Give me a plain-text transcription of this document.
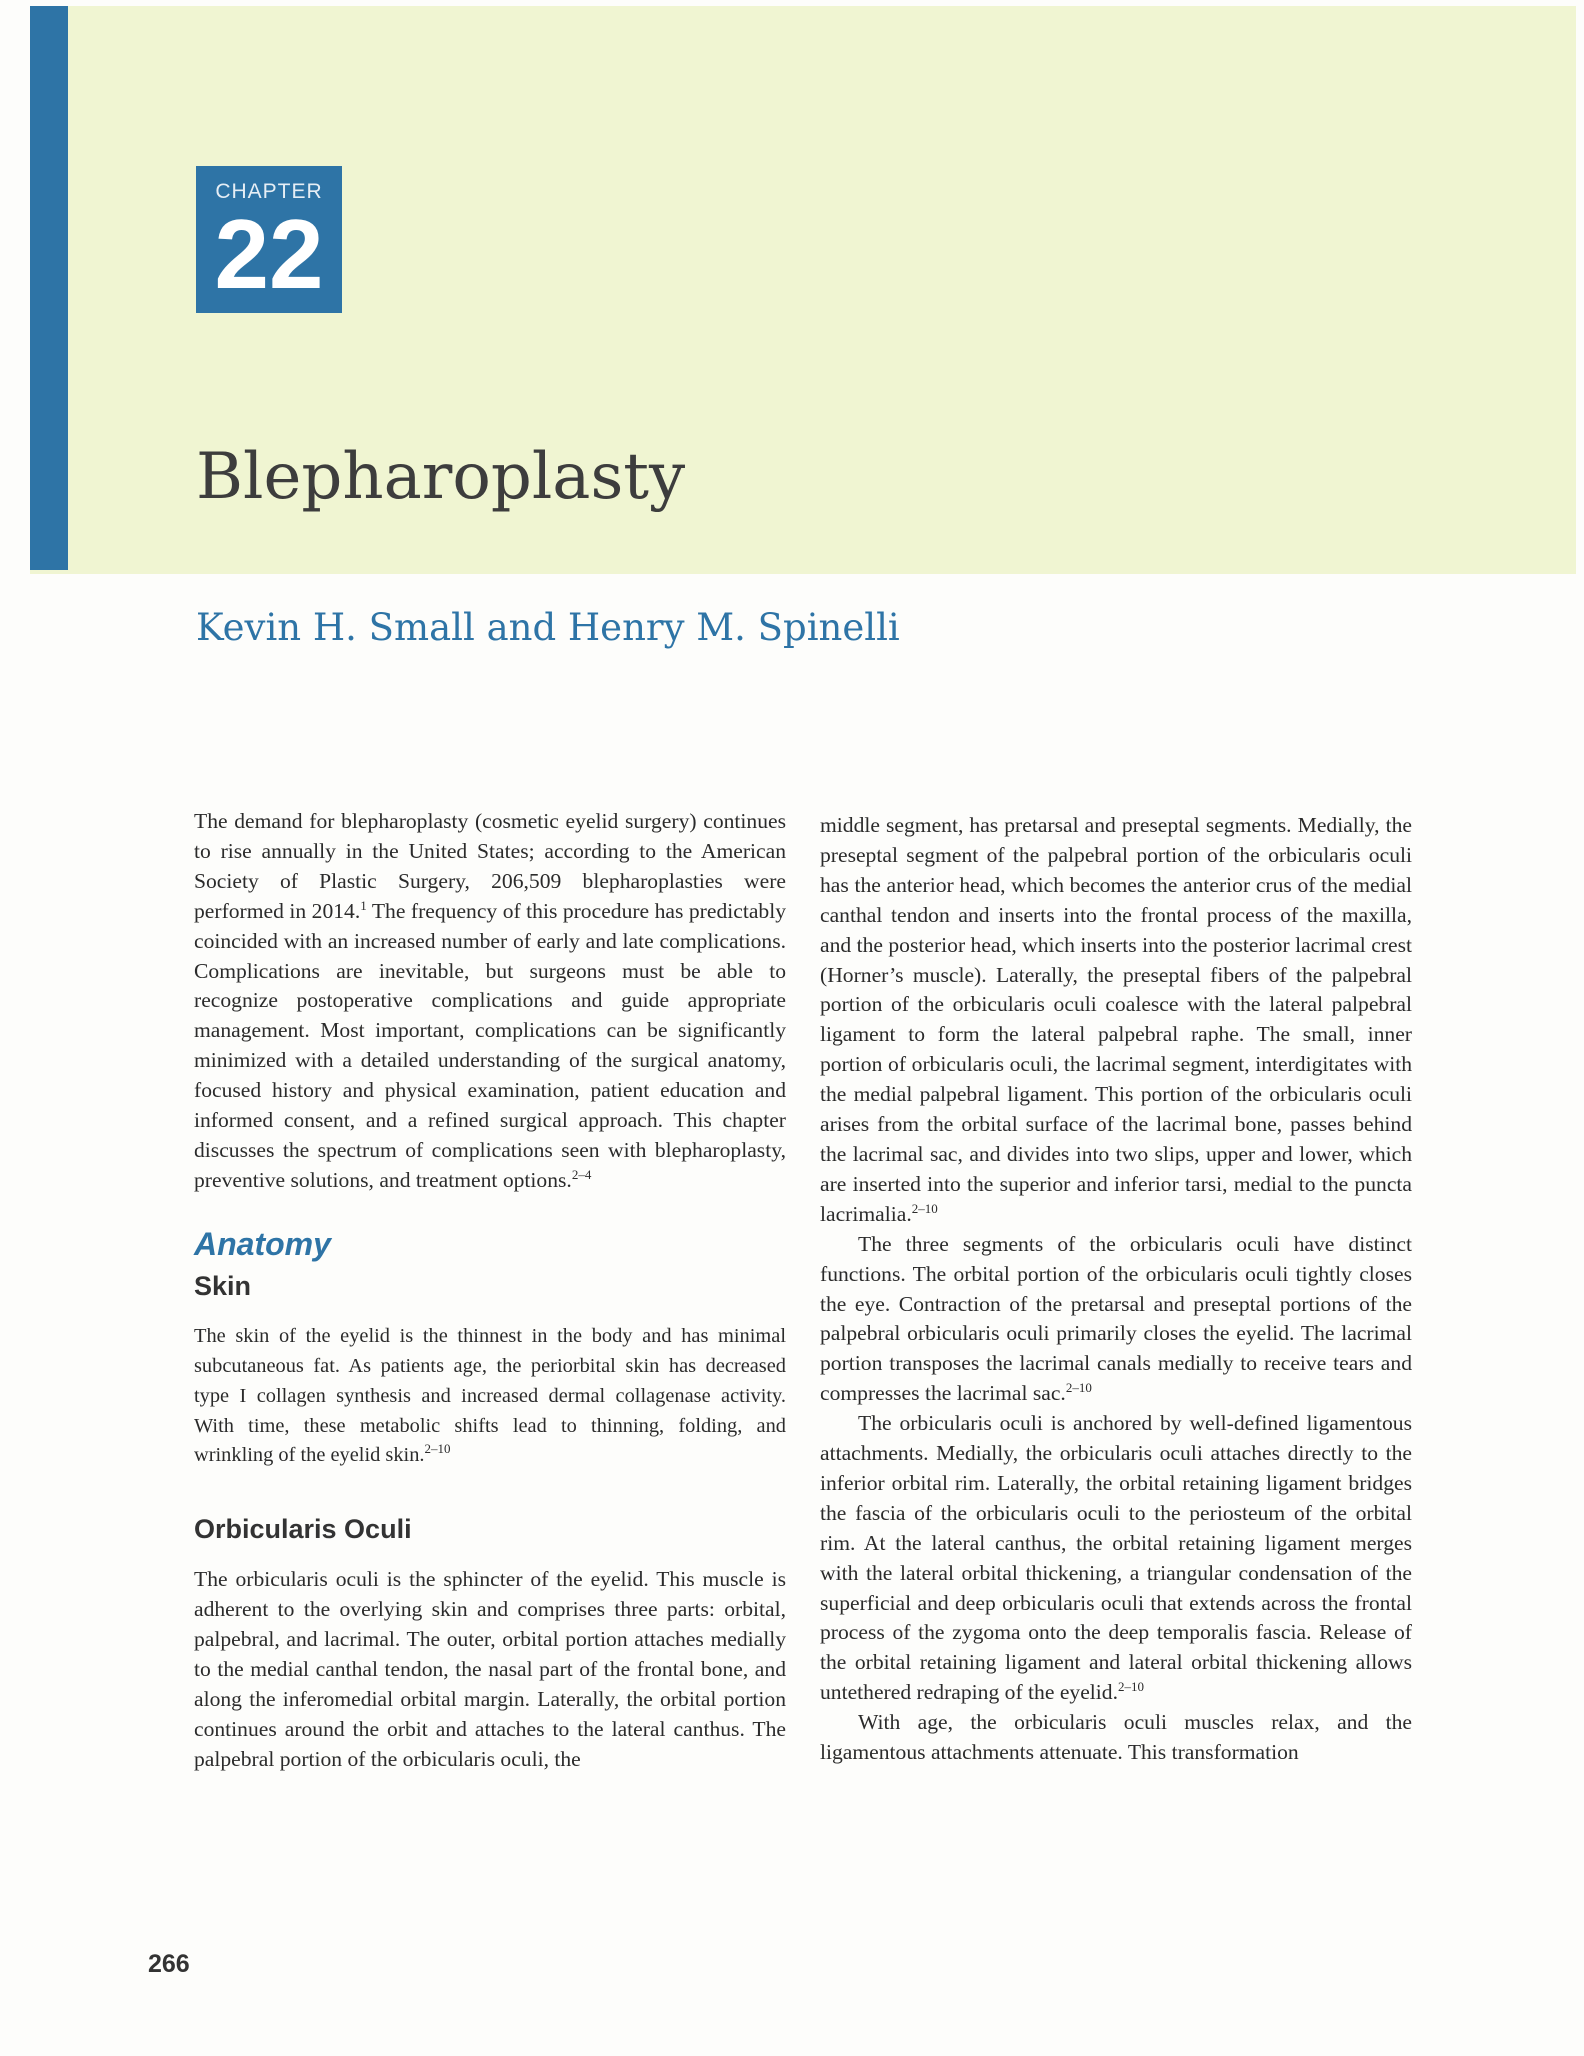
CHAPTER
22
Blepharoplasty
Kevin H. Small and Henry M. Spinelli

The demand for blepharoplasty (cosmetic eyelid surgery) continues to rise annually in the United States; according to the American Society of Plastic Surgery, 206,509 blepharoplasties were performed in 2014.$^1$ The frequency of this procedure has predictably coincided with an increased number of early and late complications. Complications are inevitable, but surgeons must be able to recognize postoperative complications and guide appropriate management. Most important, complications can be significantly minimized with a detailed understanding of the surgical anatomy, focused history and physical examination, patient education and informed consent, and a refined surgical approach. This chapter discusses the spectrum of complications seen with blepharoplasty, preventive solutions, and treatment options.$^{2-4}$

Anatomy
Skin

The skin of the eyelid is the thinnest in the body and has minimal subcutaneous fat. As patients age, the periorbital skin has decreased type I collagen synthesis and increased dermal collagenase activity. With time, these metabolic shifts lead to thinning, folding, and wrinkling of the eyelid skin.$^{2-10}$

Orbicularis Oculi

The orbicularis oculi is the sphincter of the eyelid. This muscle is adherent to the overlying skin and comprises three parts: orbital, palpebral, and lacrimal. The outer, orbital portion attaches medially to the medial canthal tendon, the nasal part of the frontal bone, and along the inferomedial orbital margin. Laterally, the orbital portion continues around the orbit and attaches to the lateral canthus. The palpebral portion of the orbicularis oculi, the

middle segment, has pretarsal and preseptal segments. Medially, the preseptal segment of the palpebral portion of the orbicularis oculi has the anterior head, which becomes the anterior crus of the medial canthal tendon and inserts into the frontal process of the maxilla, and the posterior head, which inserts into the posterior lacrimal crest (Horner’s muscle). Laterally, the preseptal fibers of the palpebral portion of the orbicularis oculi coalesce with the lateral palpebral ligament to form the lateral palpebral raphe. The small, inner portion of orbicularis oculi, the lacrimal segment, interdigitates with the medial palpebral ligament. This portion of the orbicularis oculi arises from the orbital surface of the lacrimal bone, passes behind the lacrimal sac, and divides into two slips, upper and lower, which are inserted into the superior and inferior tarsi, medial to the puncta lacrimalia.$^{2-10}$

The three segments of the orbicularis oculi have distinct functions. The orbital portion of the orbicularis oculi tightly closes the eye. Contraction of the pretarsal and preseptal portions of the palpebral orbicularis oculi primarily closes the eyelid. The lacrimal portion transposes the lacrimal canals medially to receive tears and compresses the lacrimal sac.$^{2-10}$

The orbicularis oculi is anchored by well-defined ligamentous attachments. Medially, the orbicularis oculi attaches directly to the inferior orbital rim. Laterally, the orbital retaining ligament bridges the fascia of the orbicularis oculi to the periosteum of the orbital rim. At the lateral canthus, the orbital retaining ligament merges with the lateral orbital thickening, a triangular condensation of the superficial and deep orbicularis oculi that extends across the frontal process of the zygoma onto the deep temporalis fascia. Release of the orbital retaining ligament and lateral orbital thickening allows untethered redraping of the eyelid.$^{2-10}$

With age, the orbicularis oculi muscles relax, and the ligamentous attachments attenuate. This transformation

266
